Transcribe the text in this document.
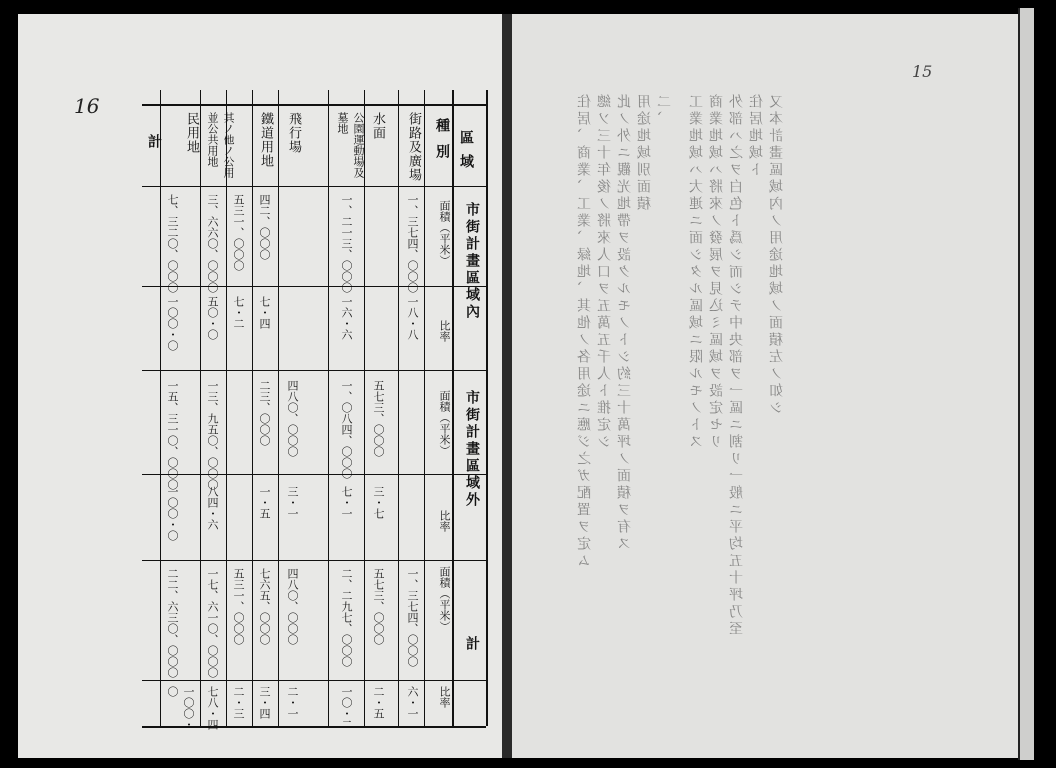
16
區
域
種
別
街路及廣場
水面
公園運動場及墓地
飛行場
鐵道用地
其ノ他ノ公用並公共用地
民用地
計
市街計畫區域內
市街計畫區域外
計
面積（平米）
比率
面積（平米）
比率
面積（平米）
比率
一、三七四、〇〇〇
一、二一三、〇〇〇
四二、〇〇〇
五三一、〇〇〇
三、六六〇、〇〇〇
七、三二〇、〇〇〇
一八・八
一六・六
七・四
七・二
五〇・〇
一〇〇・〇
五七三、〇〇〇
一、〇八四、〇〇〇
四八〇、〇〇〇
二三、〇〇〇
一三、九五〇、〇〇〇
一五、三一〇、〇〇〇
三・七
七・一
三・一
一・五
八四・六
一〇〇・〇
一、三七四、〇〇〇
五七三、〇〇〇
二、二九七、〇〇〇
四八〇、〇〇〇
七六五、〇〇〇
五三一、〇〇〇
一七、六一〇、〇〇〇
二二、六三〇、〇〇〇
六・一
二・五
一〇・二
二・一
三・四
二・三
七八・四
一〇〇・〇
15
又本計畫區域內ノ用途地域ノ面積左ノ如シ
住居地域ト
外部ハ之ヲ白色ト爲シ而シテ中央部ヲ一區ニ割リ一般ニ平均五十坪乃至
商業地域ハ將來ノ發展ヲ見込ミ區域ヲ設定セリ
工業地域ハ大連ニ面シタル區域ニ限ルモノトス
二、
用途地域別面積
此ノ外ニ觀光地帶ヲ設クルモノトシ約三十萬坪ノ面積ヲ有ス
總ソ三十年後ノ將來人口ヲ五萬五千人ト推定シ
住居、商業、工業、緑地、其他ノ各用途ニ應ジ之ガ配置ヲ定ム
